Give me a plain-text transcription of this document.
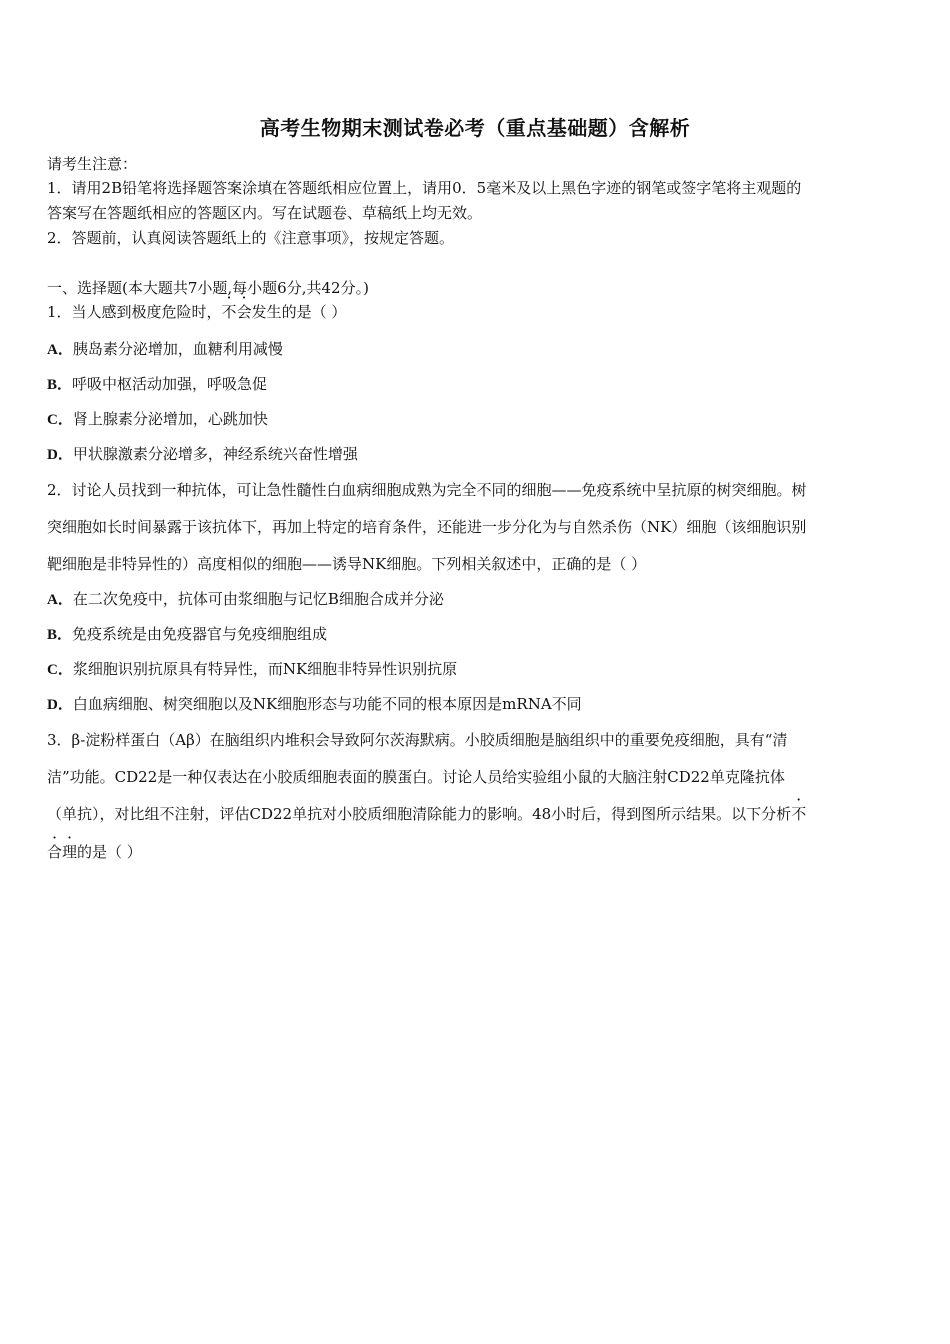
高考生物期末测试卷必考（重点基础题）含解析
请考生注意：
1．请用2B铅笔将选择题答案涂填在答题纸相应位置上，请用0．5毫米及以上黑色字迹的钢笔或签字笔将主观题的
答案写在答题纸相应的答题区内。写在试题卷、草稿纸上均无效。
2．答题前，认真阅读答题纸上的《注意事项》，按规定答题。
一、选择题(本大题共7小题,每小题6分,共42分。)
1．当人感到极度危险时，不会发生的是（ ）
A．胰岛素分泌增加，血糖利用减慢
B．呼吸中枢活动加强，呼吸急促
C．肾上腺素分泌增加，心跳加快
D．甲状腺激素分泌增多，神经系统兴奋性增强
2．讨论人员找到一种抗体，可让急性髓性白血病细胞成熟为完全不同的细胞——免疫系统中呈抗原的树突细胞。树
突细胞如长时间暴露于该抗体下，再加上特定的培育条件，还能进一步分化为与自然杀伤（NK）细胞（该细胞识别
靶细胞是非特异性的）高度相似的细胞——诱导NK细胞。下列相关叙述中，正确的是（ ）
A．在二次免疫中，抗体可由浆细胞与记忆B细胞合成并分泌
B．免疫系统是由免疫器官与免疫细胞组成
C．浆细胞识别抗原具有特异性，而NK细胞非特异性识别抗原
D．白血病细胞、树突细胞以及NK细胞形态与功能不同的根本原因是mRNA不同
3．β-淀粉样蛋白（Aβ）在脑组织内堆积会导致阿尔茨海默病。小胶质细胞是脑组织中的重要免疫细胞，具有“清
洁”功能。CD22是一种仅表达在小胶质细胞表面的膜蛋白。讨论人员给实验组小鼠的大脑注射CD22单克隆抗体
（单抗），对比组不注射，评估CD22单抗对小胶质细胞清除能力的影响。48小时后，得到图所示结果。以下分析不
合理的是（ ）
